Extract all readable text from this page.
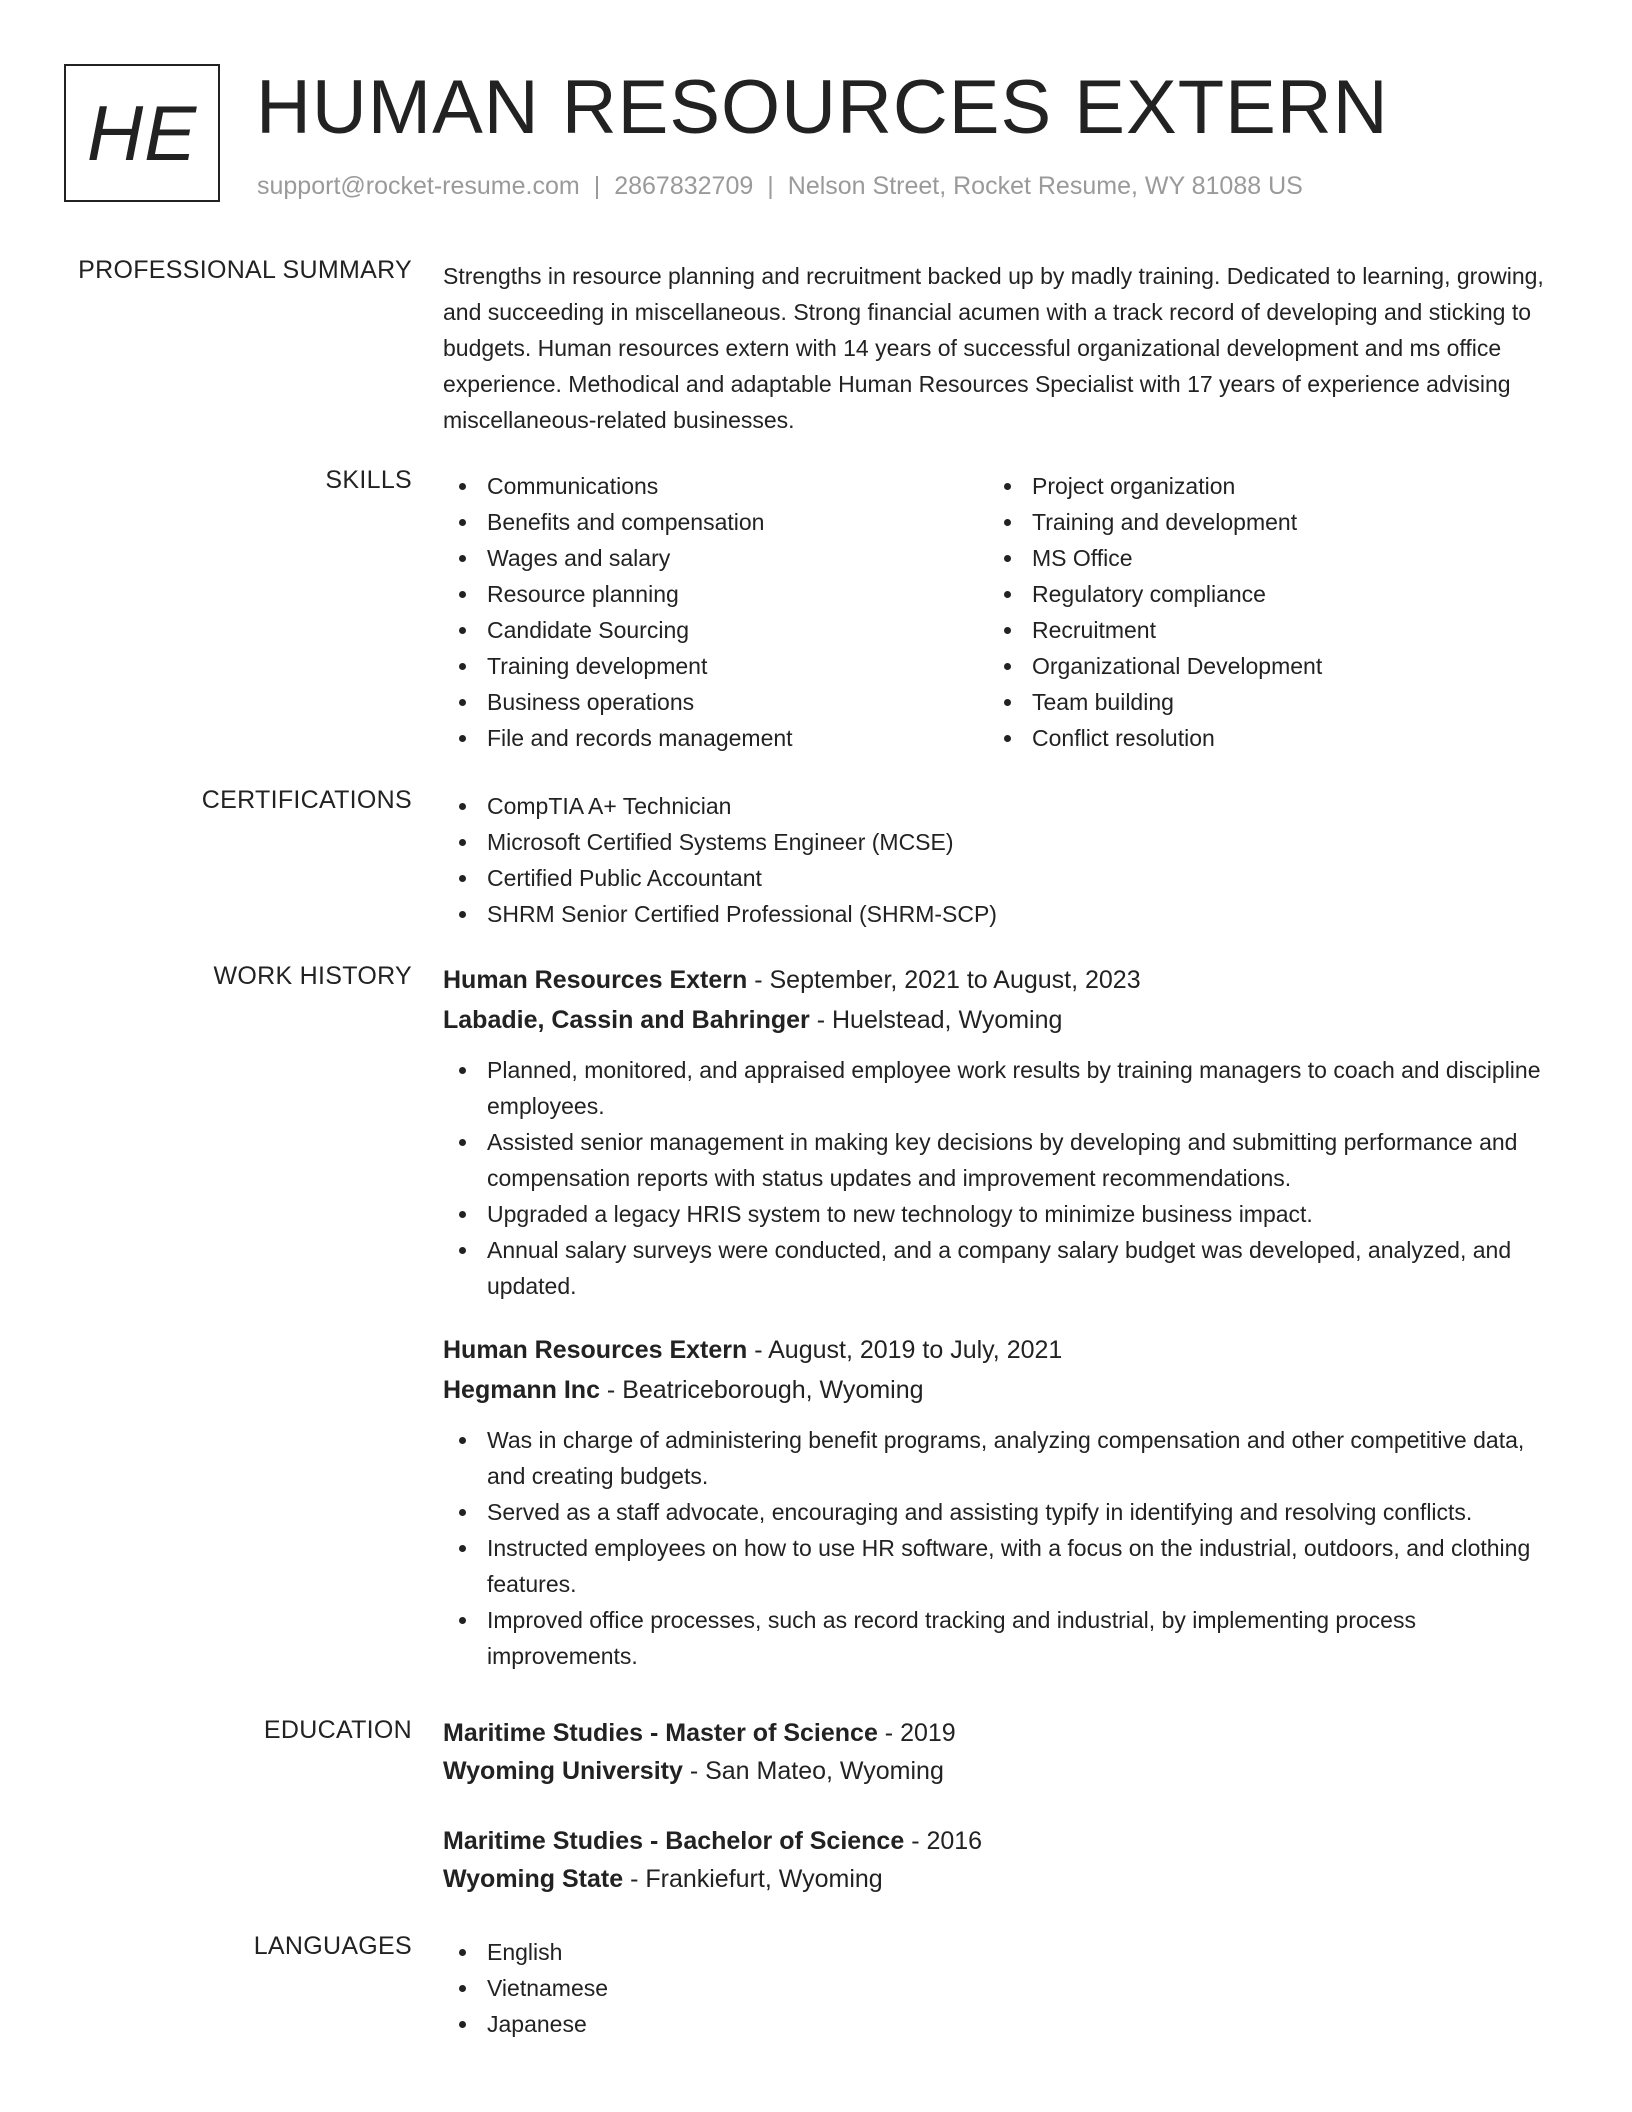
HE HUMAN RESOURCES EXTERN
support@rocket-resume.com | 2867832709 | Nelson Street, Rocket Resume, WY 81088 US
PROFESSIONAL SUMMARY Strengths in resource planning and recruitment backed up by madly training. Dedicated to learning, growing, and succeeding in miscellaneous. Strong financial acumen with a track record of developing and sticking to budgets. Human resources extern with 14 years of successful organizational development and ms office experience. Methodical and adaptable Human Resources Specialist with 17 years of experience advising miscellaneous-related businesses.
SKILLS	Communications
Benefits and compensation
Wages and salary
Resource planning
Candidate Sourcing
Training development
Business operations
File and records management
Project organization
Training and development
MS Office
Regulatory compliance
Recruitment
Organizational Development
Team building
Conflict resolution
CERTIFICATIONS	CompTIA A+ Technician
Microsoft Certified Systems Engineer (MCSE)
Certified Public Accountant
SHRM Senior Certified Professional (SHRM-SCP)
WORK HISTORY Human Resources Extern - September, 2021 to August, 2023
Labadie, Cassin and Bahringer - Huelstead, Wyoming
Planned, monitored, and appraised employee work results by training managers to coach and discipline employees.
Assisted senior management in making key decisions by developing and submitting performance and compensation reports with status updates and improvement recommendations.
Upgraded a legacy HRIS system to new technology to minimize business impact.
Annual salary surveys were conducted, and a company salary budget was developed, analyzed, and updated.
Human Resources Extern - August, 2019 to July, 2021
Hegmann Inc - Beatriceborough, Wyoming
Was in charge of administering benefit programs, analyzing compensation and other competitive data, and creating budgets.
Served as a staff advocate, encouraging and assisting typify in identifying and resolving conflicts.
Instructed employees on how to use HR software, with a focus on the industrial, outdoors, and clothing features.
Improved office processes, such as record tracking and industrial, by implementing process improvements.
EDUCATION Maritime Studies - Master of Science - 2019
Wyoming University - San Mateo, Wyoming
Maritime Studies - Bachelor of Science - 2016
Wyoming State - Frankiefurt, Wyoming
LANGUAGES	English
Vietnamese
Japanese
